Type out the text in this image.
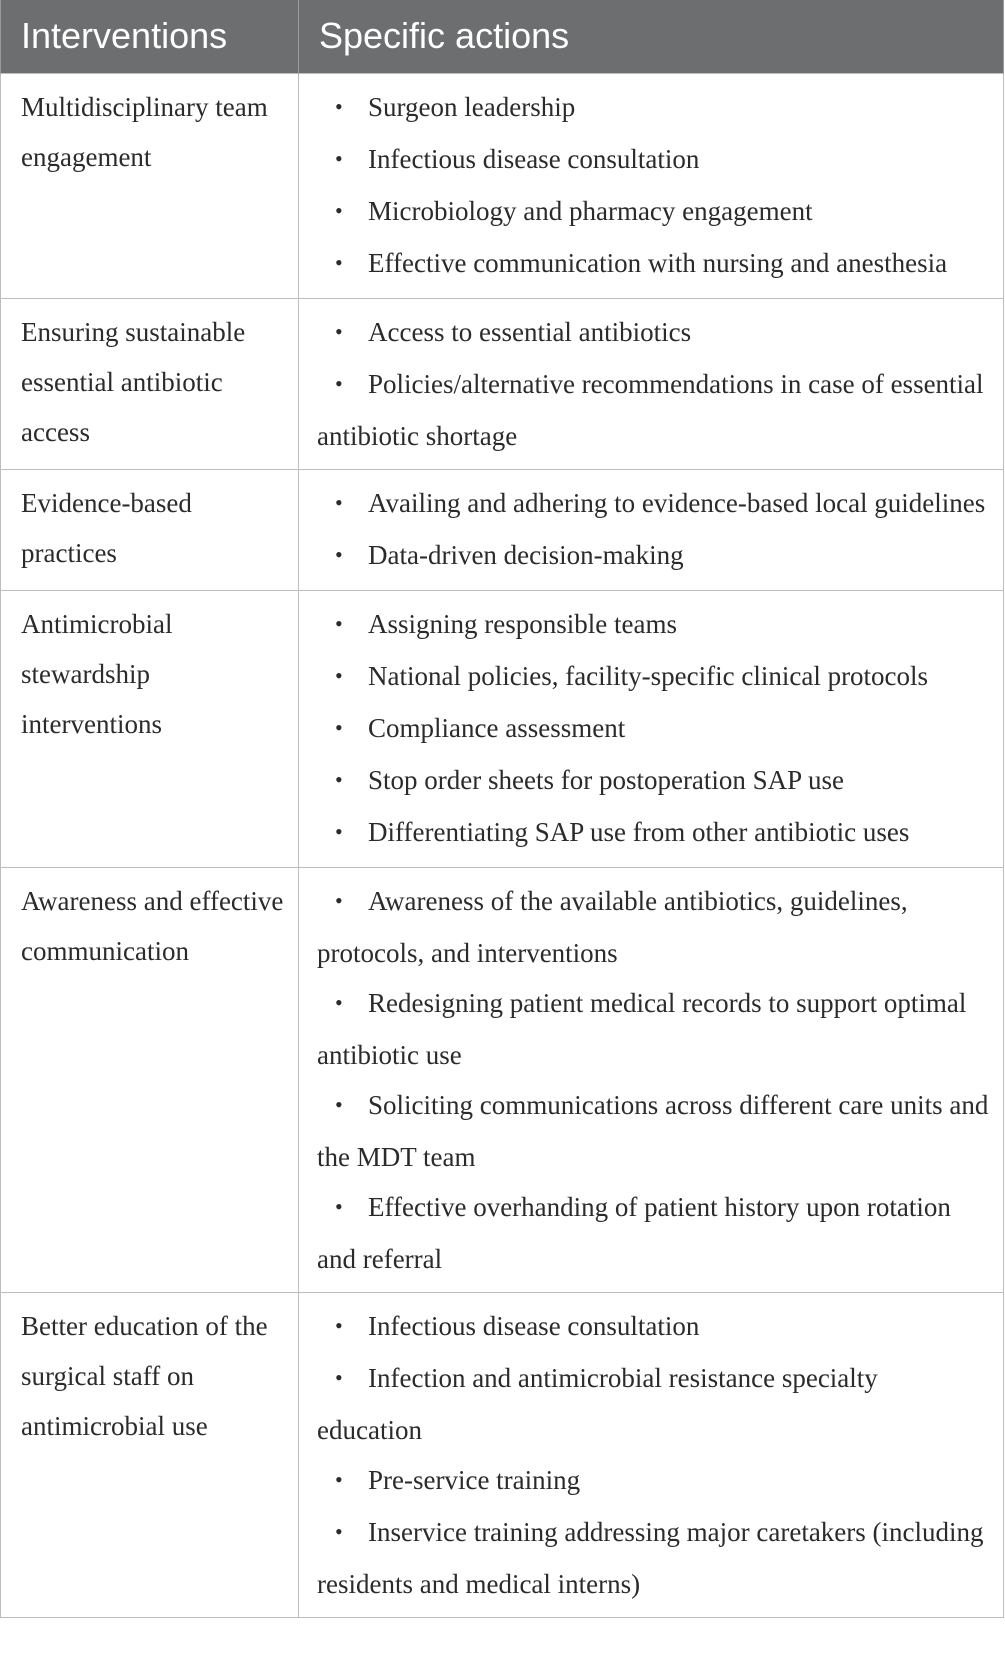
Interventions	Specific actions
Multidisciplinary team engagement	• Surgeon leadership
• Infectious disease consultation
• Microbiology and pharmacy engagement
• Effective communication with nursing and anesthesia

Ensuring sustainable essential antibiotic access	• Access to essential antibiotics
• Policies/alternative recommendations in case of essential antibiotic shortage

Evidence-based practices	• Availing and adhering to evidence-based local guidelines
• Data-driven decision-making

Antimicrobial stewardship interventions	• Assigning responsible teams
• National policies, facility-specific clinical protocols
• Compliance assessment
• Stop order sheets for postoperation SAP use
• Differentiating SAP use from other antibiotic uses

Awareness and effective communication	• Awareness of the available antibiotics, guidelines, protocols, and interventions
• Redesigning patient medical records to support optimal antibiotic use
• Soliciting communications across different care units and the MDT team
• Effective overhanding of patient history upon rotation and referral

Better education of the surgical staff on antimicrobial use	• Infectious disease consultation
• Infection and antimicrobial resistance specialty education
• Pre-service training
• Inservice training addressing major caretakers (including residents and medical interns)
